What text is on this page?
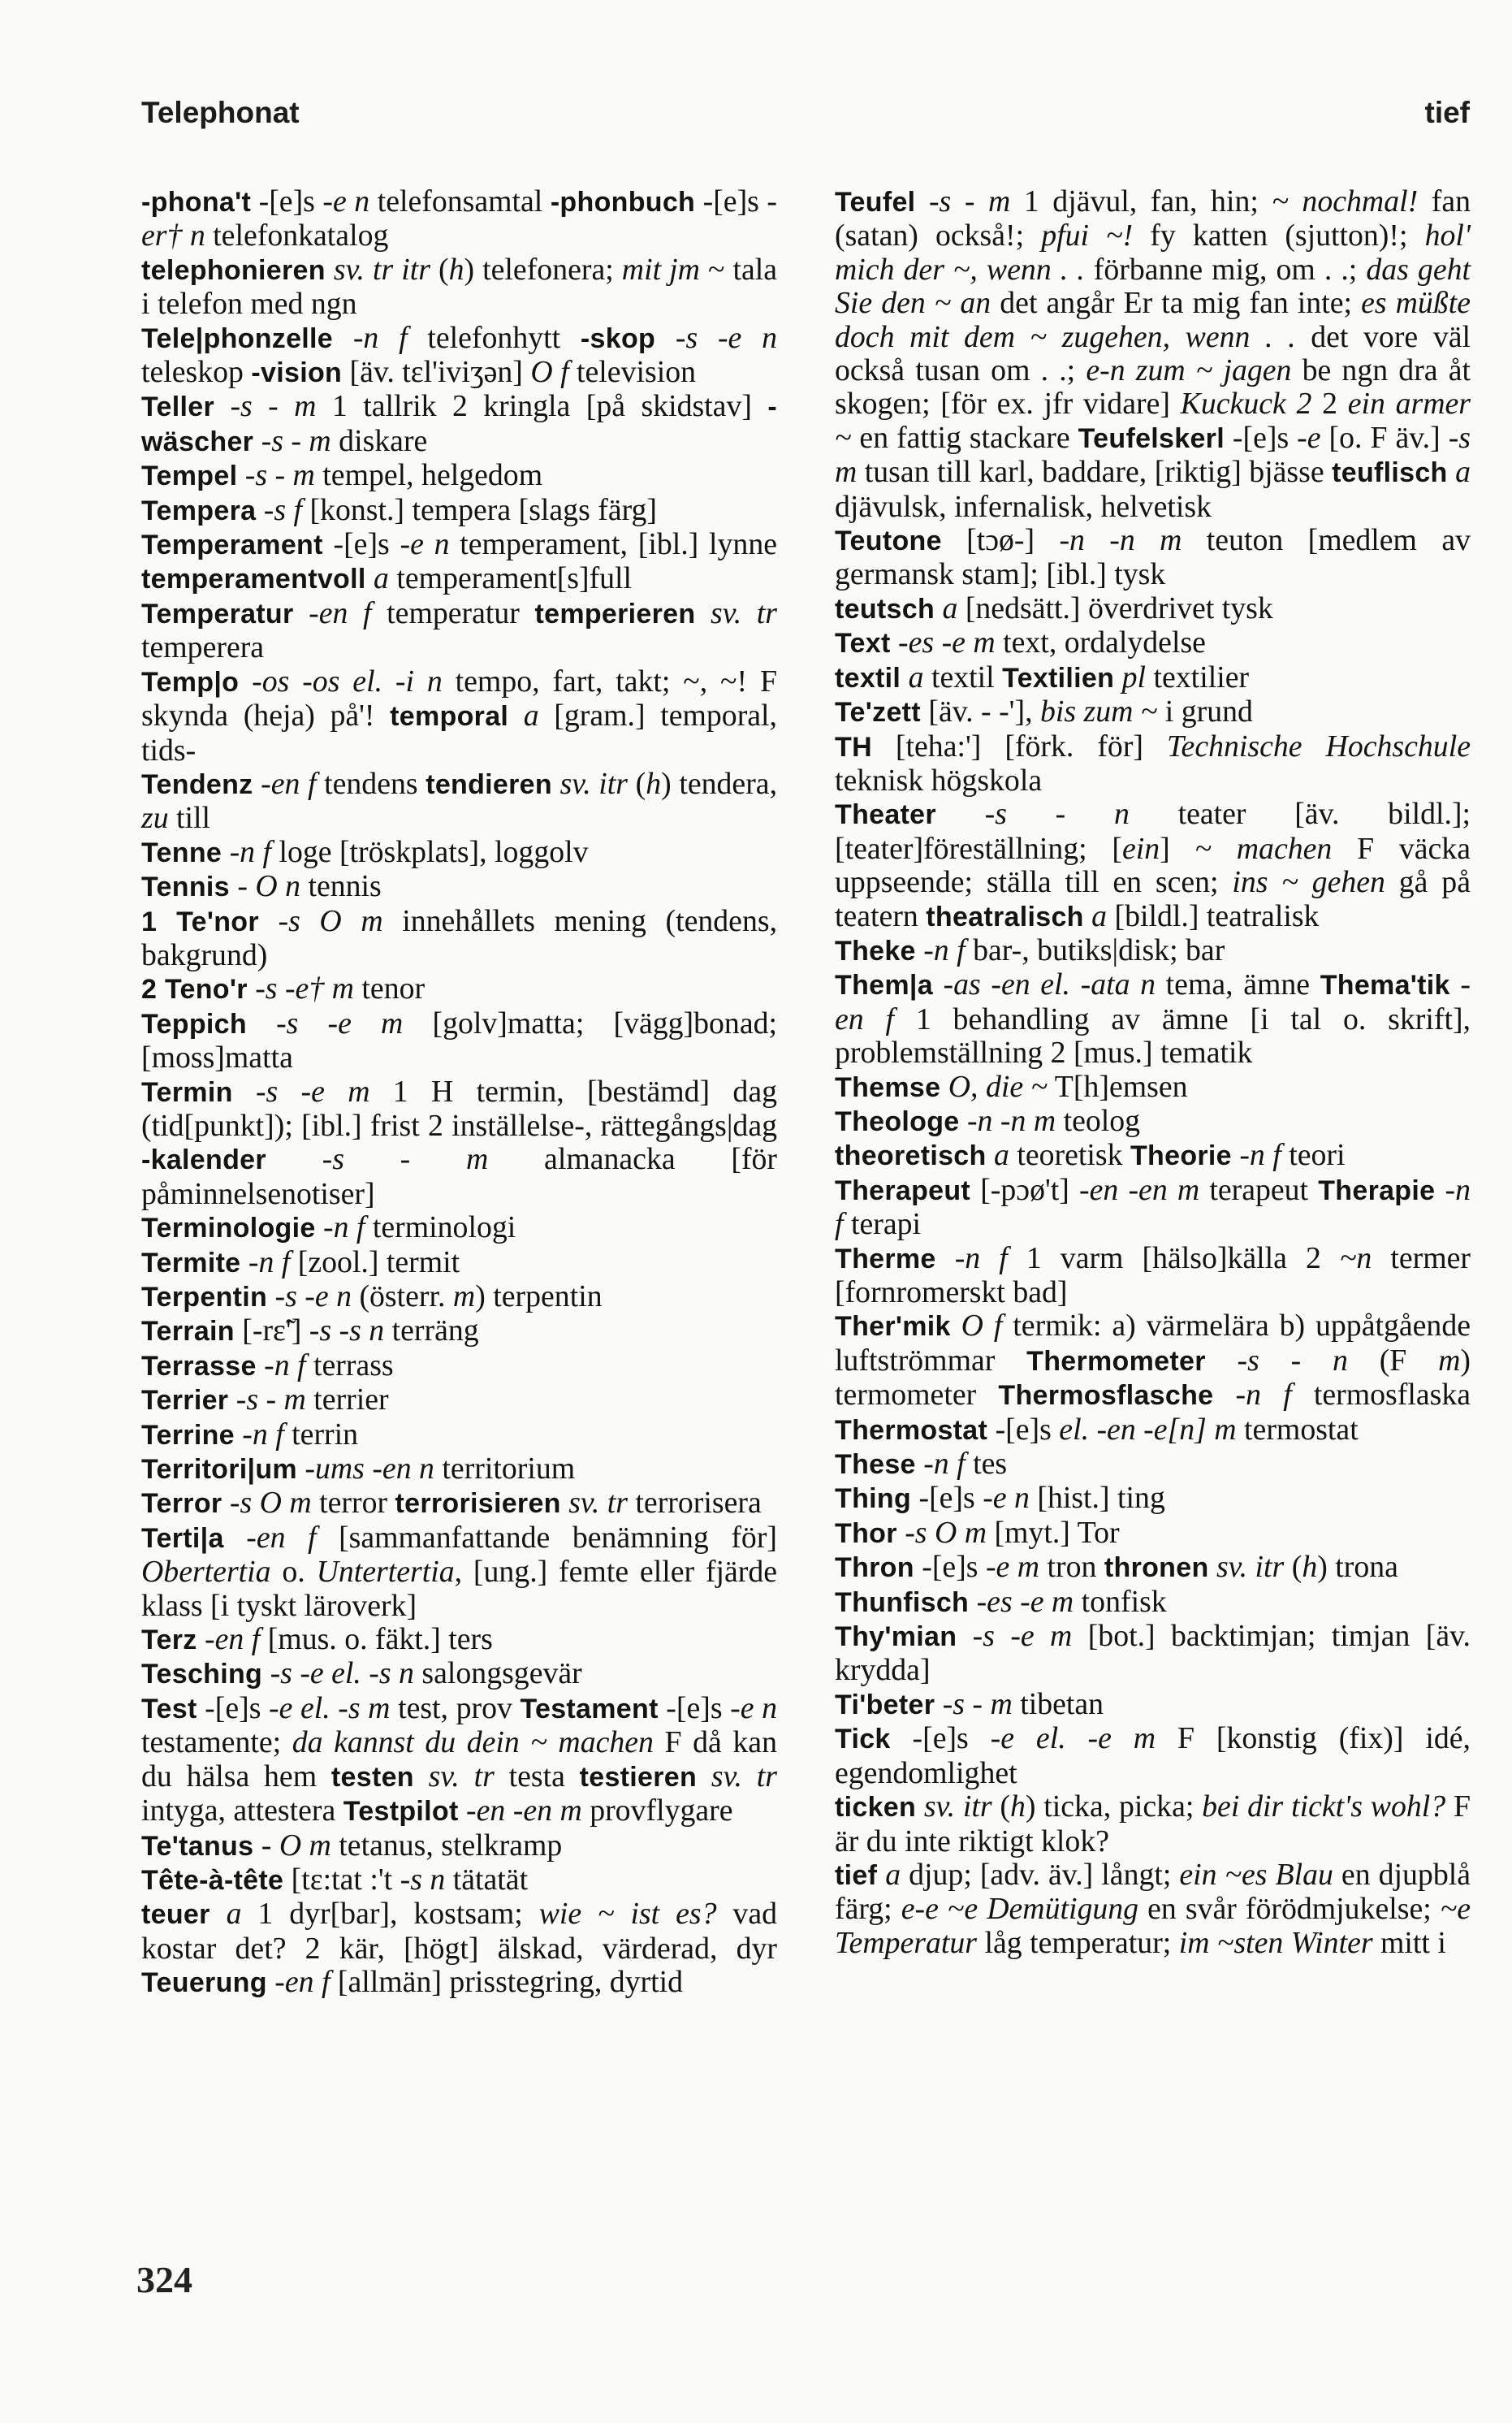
Telephonat	tief
-phona't -[e]s -e n telefonsamtal -phonbuch -[e]s -er† n telefonkatalog
telephonieren sv. tr itr (h) telefonera; mit jm ~ tala i telefon med ngn
Tele|phonzelle -n f telefonhytt -skop -s -e n teleskop -vision [äv. tɛl'iviʒən] O f television
Teller -s - m 1 tallrik 2 kringla [på skidstav] -wäscher -s - m diskare
Tempel -s - m tempel, helgedom
Tempera -s f [konst.] tempera [slags färg]
Temperament -[e]s -e n temperament, [ibl.] lynne temperamentvoll a temperament[s]full
Temperatur -en f temperatur temperieren sv. tr temperera
Temp|o -os -os el. -i n tempo, fart, takt; ~, ~! F skynda (heja) på'! temporal a [gram.] temporal, tids-
Tendenz -en f tendens tendieren sv. itr (h) tendera, zu till
Tenne -n f loge [tröskplats], loggolv
Tennis - O n tennis
1 Te'nor -s O m innehållets mening (tendens, bakgrund)
2 Teno'r -s -e† m tenor
Teppich -s -e m [golv]matta; [vägg]bonad; [moss]matta
Termin -s -e m 1 H termin, [bestämd] dag (tid[punkt]); [ibl.] frist 2 inställelse-, rättegångs|dag -kalender -s - m almanacka [för påminnelsenotiser]
Terminologie -n f terminologi
Termite -n f [zool.] termit
Terpentin -s -e n (österr. m) terpentin
Terrain [-rɛ̃'] -s -s n terräng
Terrasse -n f terrass
Terrier -s - m terrier
Terrine -n f terrin
Territori|um -ums -en n territorium
Terror -s O m terror terrorisieren sv. tr terrorisera
Terti|a -en f [sammanfattande benämning för] Obertertia o. Untertertia, [ung.] femte eller fjärde klass [i tyskt läroverk]
Terz -en f [mus. o. fäkt.] ters
Tesching -s -e el. -s n salongsgevär
Test -[e]s -e el. -s m test, prov Testament -[e]s -e n testamente; da kannst du dein ~ machen F då kan du hälsa hem testen sv. tr testa testieren sv. tr intyga, attestera Testpilot -en -en m provflygare
Te'tanus - O m tetanus, stelkramp
Tête-à-tête [tɛ:tat :'t -s n tätatät
teuer a 1 dyr[bar], kostsam; wie ~ ist es? vad kostar det? 2 kär, [högt] älskad, värderad, dyr Teuerung -en f [allmän] prisstegring, dyrtid
Teufel -s - m 1 djävul, fan, hin; ~ nochmal! fan (satan) också!; pfui ~! fy katten (sjutton)!; hol' mich der ~, wenn . . förbanne mig, om . .; das geht Sie den ~ an det angår Er ta mig fan inte; es müßte doch mit dem ~ zugehen, wenn . . det vore väl också tusan om . .; e-n zum ~ jagen be ngn dra åt skogen; [för ex. jfr vidare] Kuckuck 2 2 ein armer ~ en fattig stackare Teufelskerl -[e]s -e [o. F äv.] -s m tusan till karl, baddare, [riktig] bjässe teuflisch a djävulsk, infernalisk, helvetisk
Teutone [tɔø-] -n -n m teuton [medlem av germansk stam]; [ibl.] tysk
teutsch a [nedsätt.] överdrivet tysk
Text -es -e m text, ordalydelse
textil a textil Textilien pl textilier
Te'zett [äv. - -'], bis zum ~ i grund
TH [teha:'] [förk. för] Technische Hochschule teknisk högskola
Theater -s - n teater [äv. bildl.]; [teater]föreställning; [ein] ~ machen F väcka uppseende; ställa till en scen; ins ~ gehen gå på teatern theatralisch a [bildl.] teatralisk
Theke -n f bar-, butiks|disk; bar
Them|a -as -en el. -ata n tema, ämne Thema'tik -en f 1 behandling av ämne [i tal o. skrift], problemställning 2 [mus.] tematik
Themse O, die ~ T[h]emsen
Theologe -n -n m teolog
theoretisch a teoretisk Theorie -n f teori
Therapeut [-pɔø't] -en -en m terapeut Therapie -n f terapi
Therme -n f 1 varm [hälso]källa 2 ~n termer [fornromerskt bad]
Ther'mik O f termik: a) värmelära b) uppåtgående luftströmmar Thermometer -s - n (F m) termometer Thermosflasche -n f termosflaska Thermostat -[e]s el. -en -e[n] m termostat
These -n f tes
Thing -[e]s -e n [hist.] ting
Thor -s O m [myt.] Tor
Thron -[e]s -e m tron thronen sv. itr (h) trona
Thunfisch -es -e m tonfisk
Thy'mian -s -e m [bot.] backtimjan; timjan [äv. krydda]
Ti'beter -s - m tibetan
Tick -[e]s -e el. -e m F [konstig (fix)] idé, egendomlighet
ticken sv. itr (h) ticka, picka; bei dir tickt's wohl? F är du inte riktigt klok?
tief a djup; [adv. äv.] långt; ein ~es Blau en djupblå färg; e-e ~e Demütigung en svår förödmjukelse; ~e Temperatur låg temperatur; im ~sten Winter mitt i
324
